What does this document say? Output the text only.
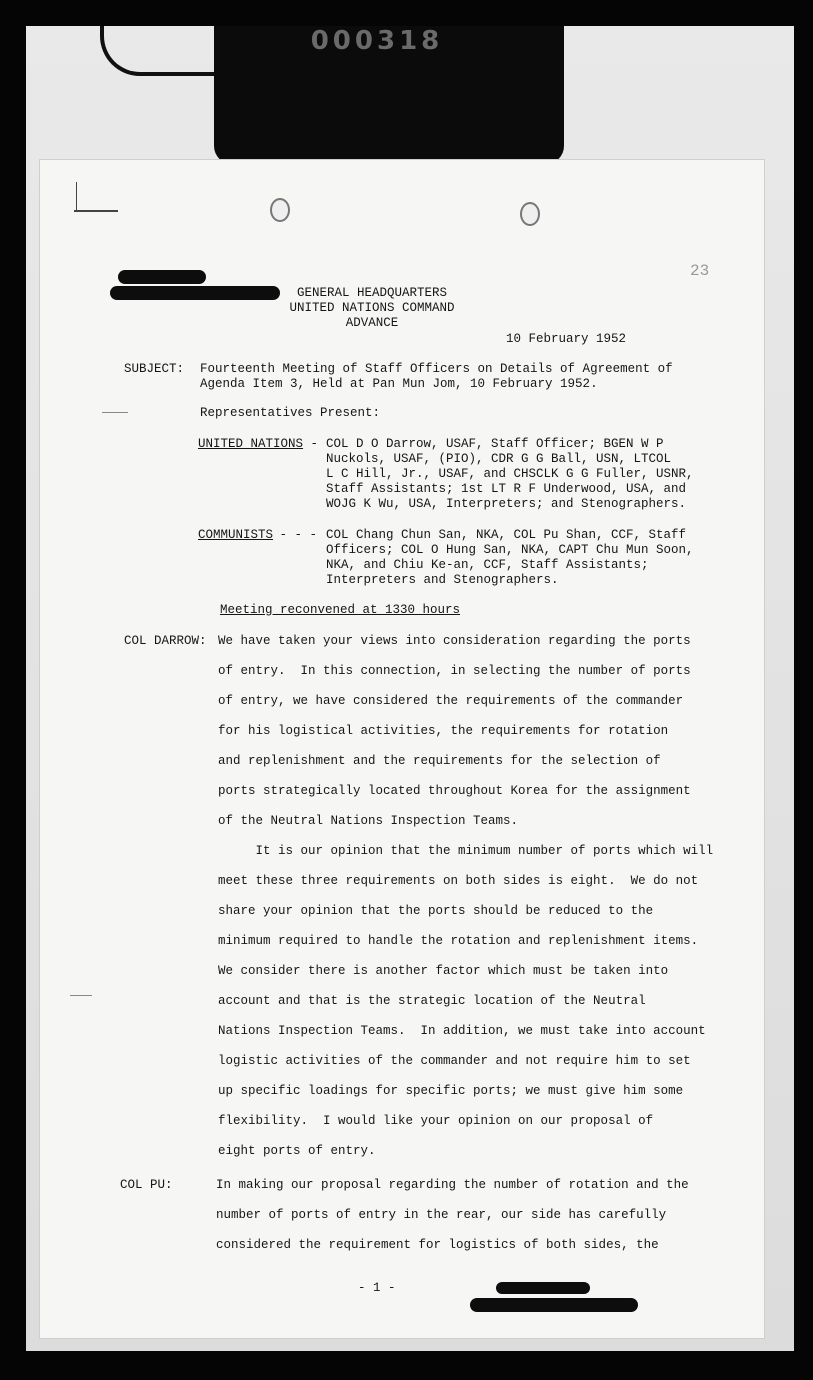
000318
23
GENERAL HEADQUARTERS
UNITED NATIONS COMMAND
ADVANCE
10 February 1952
SUBJECT: Fourteenth Meeting of Staff Officers on Details of Agreement of
Agenda Item 3, Held at Pan Mun Jom, 10 February 1952.
Representatives Present:
UNITED NATIONS - COL D O Darrow, USAF, Staff Officer; BGEN W P
Nuckols, USAF, (PIO), CDR G G Ball, USN, LTCOL
L C Hill, Jr., USAF, and CHSCLK G G Fuller, USNR,
Staff Assistants; 1st LT R F Underwood, USA, and
WOJG K Wu, USA, Interpreters; and Stenographers.
COMMUNISTS
- - - COL Chang Chun San, NKA, COL Pu Shan, CCF, Staff
Officers; COL O Hung San, NKA, CAPT Chu Mun Soon,
NKA, and Chiu Ke-an, CCF, Staff Assistants;
Interpreters and Stenographers.
Meeting reconvened at 1330 hours
COL DARROW: We have taken your views into consideration regarding the ports
of entry.  In this connection, in selecting the number of ports
of entry, we have considered the requirements of the commander
for his logistical activities, the requirements for rotation
and replenishment and the requirements for the selection of
ports strategically located throughout Korea for the assignment
of the Neutral Nations Inspection Teams.
It is our opinion that the minimum number of ports which will
meet these three requirements on both sides is eight.  We do not
share your opinion that the ports should be reduced to the
minimum required to handle the rotation and replenishment items.
We consider there is another factor which must be taken into
account and that is the strategic location of the Neutral
Nations Inspection Teams.  In addition, we must take into account
logistic activities of the commander and not require him to set
up specific loadings for specific ports; we must give him some
flexibility.  I would like your opinion on our proposal of
eight ports of entry.
COL PU:	In making our proposal regarding the number of rotation and the
number of ports of entry in the rear, our side has carefully
considered the requirement for logistics of both sides, the
- 1 -
